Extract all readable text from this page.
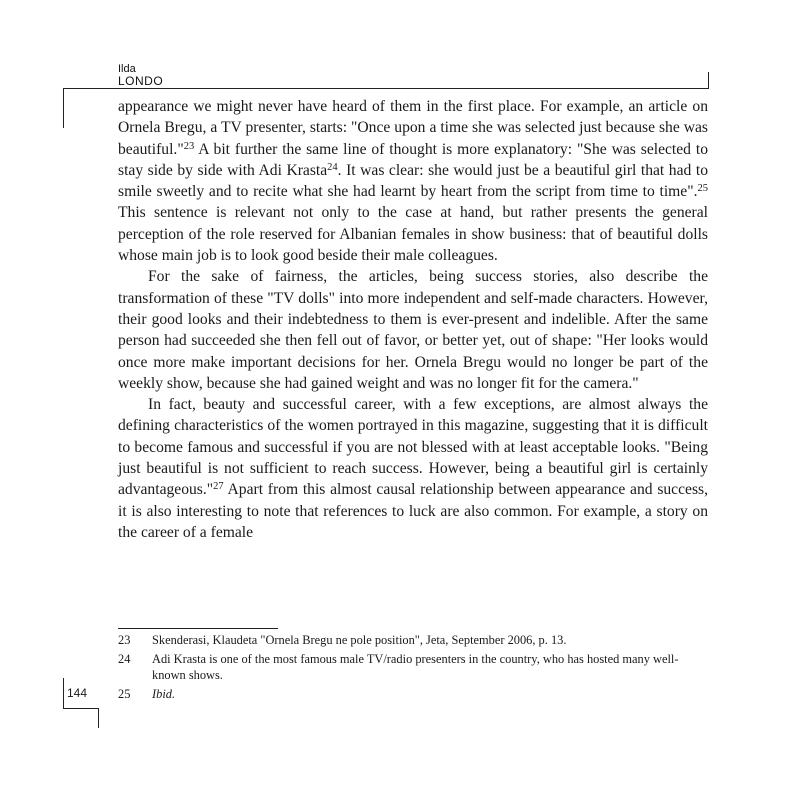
Ilda
LONDO

appearance we might never have heard of them in the first place. For example, an article on Ornela Bregu, a TV presenter, starts: "Once upon a time she was selected just because she was beautiful."$^{23}$ A bit further the same line of thought is more explanatory: "She was selected to stay side by side with Adi Krasta$^{24}$. It was clear: she would just be a beautiful girl that had to smile sweetly and to recite what she had learnt by heart from the script from time to time".$^{25}$ This sentence is relevant not only to the case at hand, but rather presents the general perception of the role reserved for Albanian females in show business: that of beautiful dolls whose main job is to look good beside their male colleagues.

For the sake of fairness, the articles, being success stories, also describe the transformation of these "TV dolls" into more independent and self-made characters. However, their good looks and their indebtedness to them is ever-present and indelible. After the same person had succeeded she then fell out of favor, or better yet, out of shape: "Her looks would once more make important decisions for her. Ornela Bregu would no longer be part of the weekly show, because she had gained weight and was no longer fit for the camera."

In fact, beauty and successful career, with a few exceptions, are almost always the defining characteristics of the women portrayed in this magazine, suggesting that it is difficult to become famous and successful if you are not blessed with at least acceptable looks. "Being just beautiful is not sufficient to reach success. However, being a beautiful girl is certainly advantageous."$^{27}$ Apart from this almost causal relationship between appearance and success, it is also interesting to note that references to luck are also common. For example, a story on the career of a female

23	Skenderasi, Klaudeta "Ornela Bregu ne pole position", Jeta, September 2006, p. 13.
24	Adi Krasta is one of the most famous male TV/radio presenters in the country, who has hosted many well-known shows.
25	Ibid.
144
